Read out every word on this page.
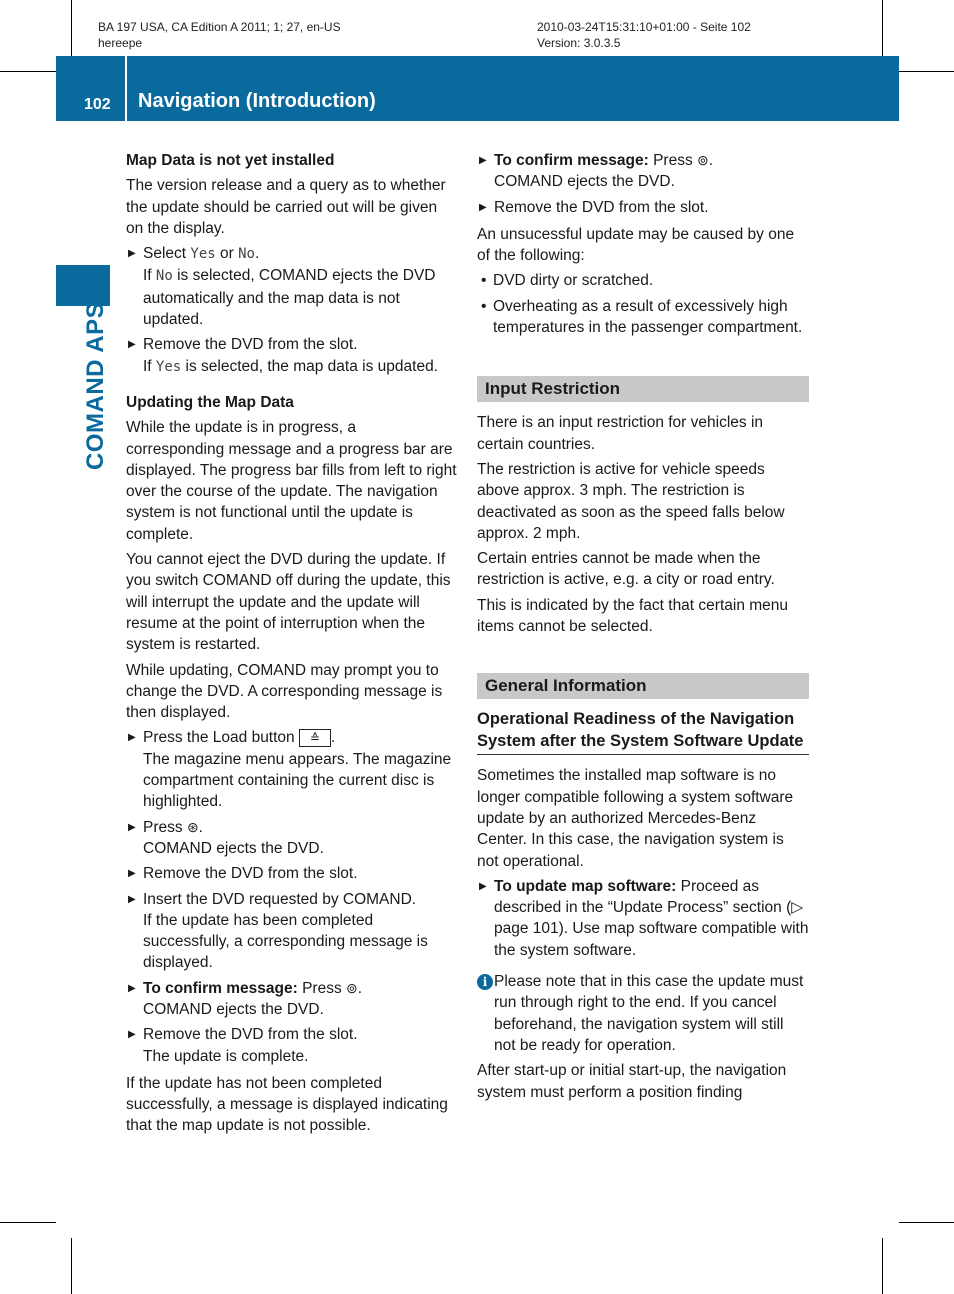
BA 197 USA, CA Edition A 2011; 1; 27, en-US
hereepe
2010-03-24T15:31:10+01:00 - Seite 102
Version: 3.0.3.5
102 Navigation (Introduction)
COMAND APS
Map Data is not yet installed

The version release and a query as to whether the update should be carried out will be given on the display.

▶ Select Yes or No.
If No is selected, COMAND ejects the DVD automatically and the map data is not updated.
▶ Remove the DVD from the slot.
If Yes is selected, the map data is updated.
Updating the Map Data

While the update is in progress, a corresponding message and a progress bar are displayed. The progress bar fills from left to right over the course of the update. The navigation system is not functional until the update is complete.

You cannot eject the DVD during the update. If you switch COMAND off during the update, this will interrupt the update and the update will resume at the point of interruption when the system is restarted.

While updating, COMAND may prompt you to change the DVD. A corresponding message is then displayed.

▶ Press the Load button ≙ .
The magazine menu appears. The magazine compartment containing the current disc is highlighted.
▶ Press ⊛.
COMAND ejects the DVD.
▶ Remove the DVD from the slot.
▶ Insert the DVD requested by COMAND.
If the update has been completed successfully, a corresponding message is displayed.
▶ To confirm message: Press ⊚.
COMAND ejects the DVD.
▶ Remove the DVD from the slot.
The update is complete.

If the update has not been completed successfully, a message is displayed indicating that the map update is not possible.

▶ To confirm message: Press ⊚.
COMAND ejects the DVD.
▶ Remove the DVD from the slot.

An unsucessful update may be caused by one of the following:

• DVD dirty or scratched.
• Overheating as a result of excessively high temperatures in the passenger compartment.
Input Restriction

There is an input restriction for vehicles in certain countries.

The restriction is active for vehicle speeds above approx. 3 mph. The restriction is deactivated as soon as the speed falls below approx. 2 mph.

Certain entries cannot be made when the restriction is active, e.g. a city or road entry.

This is indicated by the fact that certain menu items cannot be selected.

General Information
Operational Readiness of the Navigation System after the System Software Update

Sometimes the installed map software is no longer compatible following a system software update by an authorized Mercedes-Benz Center. In this case, the navigation system is not operational.

▶ To update map software: Proceed as described in the “Update Process” section (▷ page 101). Use map software compatible with the system software.
i Please note that in this case the update must run through right to the end. If you cancel beforehand, the navigation system will still not be ready for operation.

After start-up or initial start-up, the navigation system must perform a position finding
